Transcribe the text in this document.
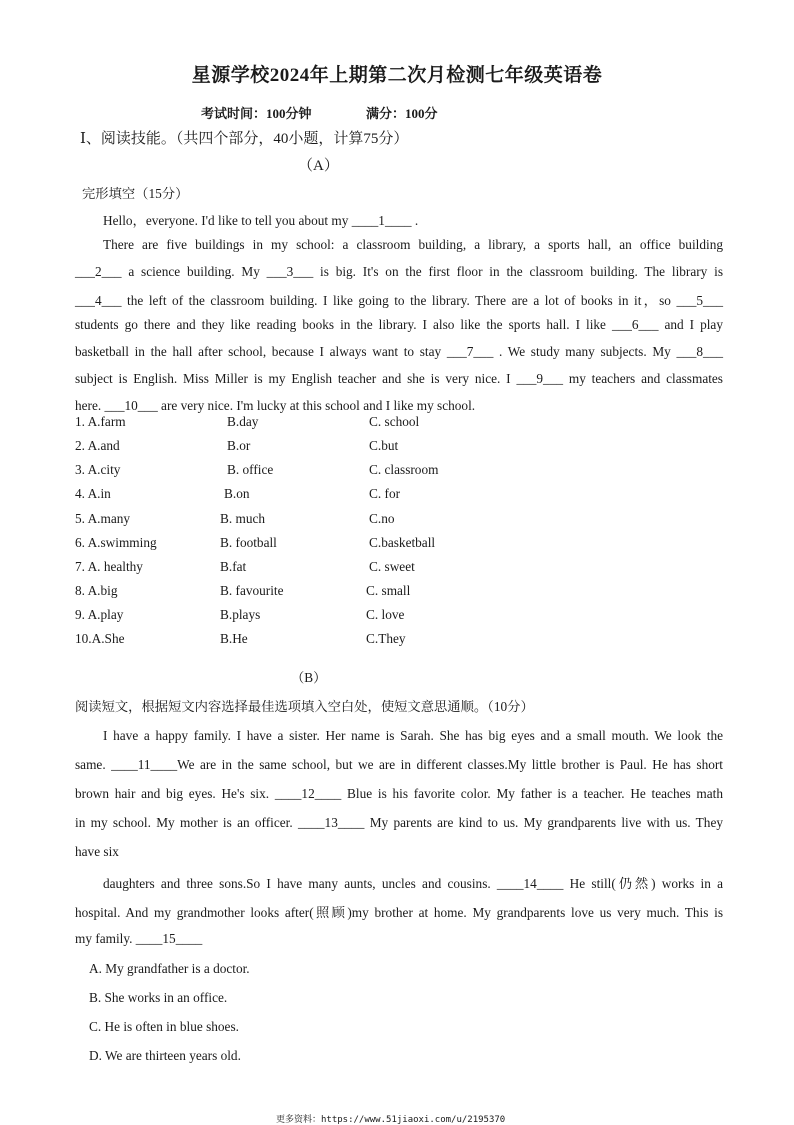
星源学校2024年上期第二次月检测七年级英语卷
考试时间：100分钟	满分：100分
Ⅰ、阅读技能。（共四个部分，40小题，计算75分）
（A）
完形填空（15分）
Hello，everyone. I'd like to tell you about my ____1____ .
There are five buildings in my school: a classroom building, a library, a sports hall, an office building
___2___ a science building. My ___3___ is big. It's on the first floor in the classroom building. The library is
___4___ the left of the classroom building. I like going to the library. There are a lot of books in it，so ___5___
students go there and they like reading books in the library. I also like the sports hall. I like ___6___ and I play
basketball in the hall after school, because I always want to stay ___7___ . We study many subjects. My ___8___
subject is English. Miss Miller is my English teacher and she is very nice. I ___9___ my teachers and classmates
here. ___10___ are very nice. I'm lucky at this school and I like my school.
1. A.farm	B.day	C. school
2. A.and	B.or	C.but
3. A.city	B. office	C. classroom
4. A.in	B.on	C. for
5. A.many	B. much	C.no
6. A.swimming	B. football	C.basketball
7. A. healthy	B.fat	C. sweet
8. A.big	B. favourite	C. small
9. A.play	B.plays	C. love
10.A.She	B.He	C.They
（B）
阅读短文，根据短文内容选择最佳选项填入空白处，使短文意思通顺。（10分）
I have a happy family. I have a sister. Her name is Sarah. She has big eyes and a small mouth. We look the
same. ____11____We are in the same school, but we are in different classes.My little brother is Paul. He has short
brown hair and big eyes. He's six. ____12____ Blue is his favorite color. My father is a teacher. He teaches math
in my school. My mother is an officer. ____13____ My parents are kind to us. My grandparents live with us. They
have six
daughters and three sons.So I have many aunts, uncles and cousins. ____14____ He still(仍然) works in a
hospital. And my grandmother looks after(照顾)my brother at home. My grandparents love us very much. This is
my family. ____15____
A. My grandfather is a doctor.
B. She works in an office.
C. He is often in blue shoes.
D. We are thirteen years old.
更多资料：https://www.51jiaoxi.com/u/2195370
